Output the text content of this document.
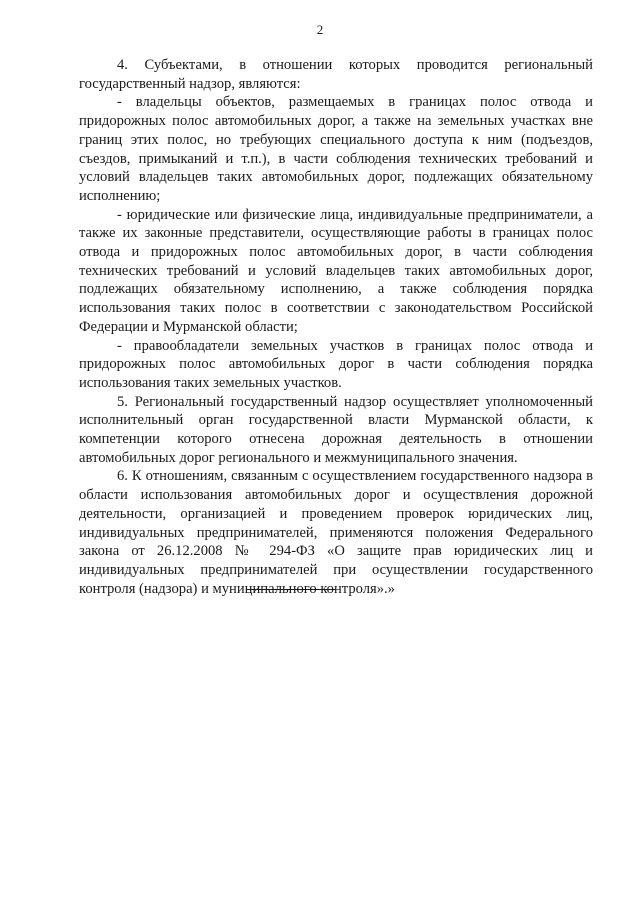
2

4. Субъектами, в отношении которых проводится региональный государственный надзор, являются:

- владельцы объектов, размещаемых в границах полос отвода и придорожных полос автомобильных дорог, а также на земельных участках вне границ этих полос, но требующих специального доступа к ним (подъездов, съездов, примыканий и т.п.), в части соблюдения технических требований и условий владельцев таких автомобильных дорог, подлежащих обязательному исполнению;

- юридические или физические лица, индивидуальные предприниматели, а также их законные представители, осуществляющие работы в границах полос отвода и придорожных полос автомобильных дорог, в части соблюдения технических требований и условий владельцев таких автомобильных дорог, подлежащих обязательному исполнению, а также соблюдения порядка использования таких полос в соответствии с законодательством Российской Федерации и Мурманской области;

- правообладатели земельных участков в границах полос отвода и придорожных полос автомобильных дорог в части соблюдения порядка использования таких земельных участков.

5. Региональный государственный надзор осуществляет уполномоченный исполнительный орган государственной власти Мурманской области, к компетенции которого отнесена дорожная деятельность в отношении автомобильных дорог регионального и межмуниципального значения.

6. К отношениям, связанным с осуществлением государственного надзора в области использования автомобильных дорог и осуществления дорожной деятельности, организацией и проведением проверок юридических лиц, индивидуальных предпринимателей, применяются положения Федерального закона от 26.12.2008 № 294-ФЗ «О защите прав юридических лиц и индивидуальных предпринимателей при осуществлении государственного контроля (надзора) и муниципального контроля».»
